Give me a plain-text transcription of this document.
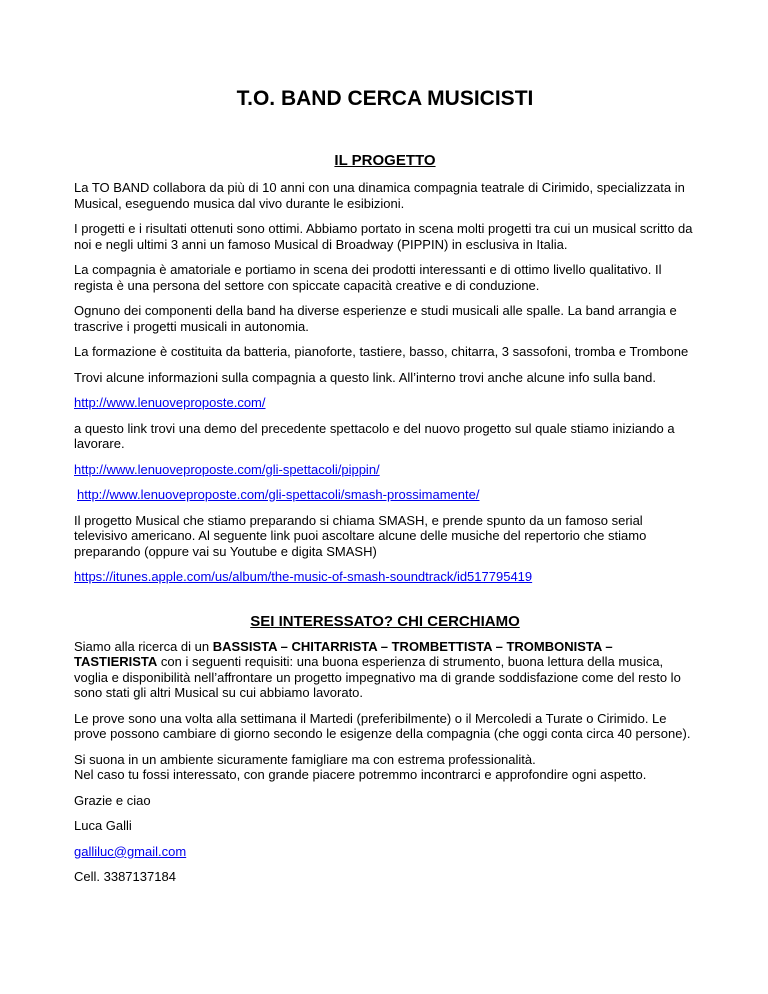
T.O. BAND CERCA MUSICISTI
IL PROGETTO

La TO BAND collabora da più di 10 anni con una dinamica compagnia teatrale di Cirimido, specializzata in Musical, eseguendo musica dal vivo durante le esibizioni.

I progetti e i risultati ottenuti sono ottimi. Abbiamo portato in scena molti progetti tra cui un musical scritto da noi e negli ultimi 3 anni un famoso Musical di Broadway (PIPPIN) in esclusiva in Italia.

La compagnia è amatoriale e portiamo in scena dei prodotti interessanti e di ottimo livello qualitativo. Il regista è una persona del settore con spiccate capacità creative e di conduzione.

Ognuno dei componenti della band ha diverse esperienze e studi musicali alle spalle. La band arrangia e trascrive i progetti musicali in autonomia.

La formazione è costituita da batteria, pianoforte, tastiere, basso, chitarra, 3 sassofoni, tromba e Trombone

Trovi alcune informazioni sulla compagnia a questo link. All’interno trovi anche alcune info sulla band.

http://www.lenuoveproposte.com/

a questo link trovi una demo del precedente spettacolo e del nuovo progetto sul quale stiamo iniziando a lavorare.

http://www.lenuoveproposte.com/gli-spettacoli/pippin/

http://www.lenuoveproposte.com/gli-spettacoli/smash-prossimamente/

Il progetto Musical che stiamo preparando si chiama SMASH, e prende spunto da un famoso serial televisivo americano. Al seguente link puoi ascoltare alcune delle musiche del repertorio che stiamo preparando (oppure vai su Youtube e digita SMASH)

https://itunes.apple.com/us/album/the-music-of-smash-soundtrack/id517795419

SEI INTERESSATO? CHI CERCHIAMO

Siamo alla ricerca di un BASSISTA – CHITARRISTA – TROMBETTISTA – TROMBONISTA – TASTIERISTA con i seguenti requisiti: una buona esperienza di strumento, buona lettura della musica, voglia e disponibilità nell’affrontare un progetto impegnativo ma di grande soddisfazione come del resto lo sono stati gli altri Musical su cui abbiamo lavorato.

Le prove sono una volta alla settimana il Martedi (preferibilmente) o il Mercoledi a Turate o Cirimido. Le prove possono cambiare di giorno secondo le esigenze della compagnia (che oggi conta circa 40 persone).

Si suona in un ambiente sicuramente famigliare ma con estrema professionalità.
Nel caso tu fossi interessato, con grande piacere potremmo incontrarci e approfondire ogni aspetto.

Grazie e ciao

Luca Galli

galliluc@gmail.com

Cell. 3387137184
